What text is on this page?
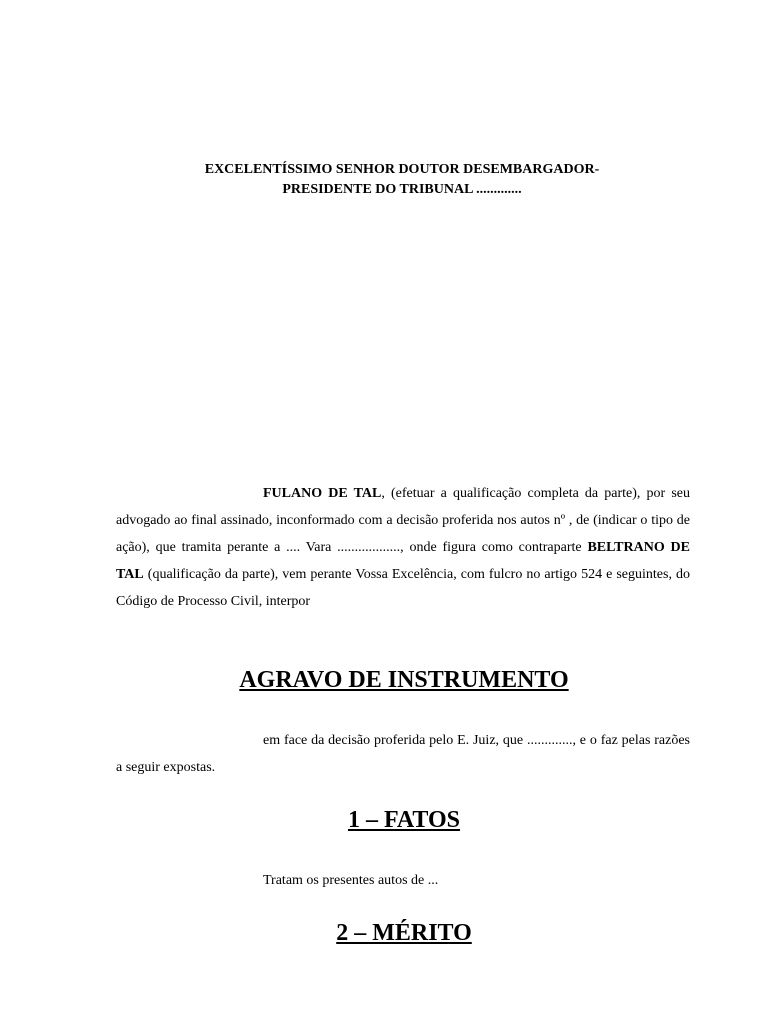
EXCELENTÍSSIMO SENHOR DOUTOR DESEMBARGADOR-
PRESIDENTE DO TRIBUNAL .............
FULANO DE TAL, (efetuar a qualificação completa da parte), por seu advogado ao final assinado, inconformado com a decisão proferida nos autos nº , de (indicar o tipo de ação), que tramita perante a .... Vara .................., onde figura como contraparte BELTRANO DE TAL (qualificação da parte), vem perante Vossa Excelência, com fulcro no artigo 524 e seguintes, do Código de Processo Civil, interpor
AGRAVO DE INSTRUMENTO
em face da decisão proferida pelo E. Juiz, que ............., e o faz pelas razões a seguir expostas.
1 – FATOS
Tratam os presentes autos de ...
2 – MÉRITO
